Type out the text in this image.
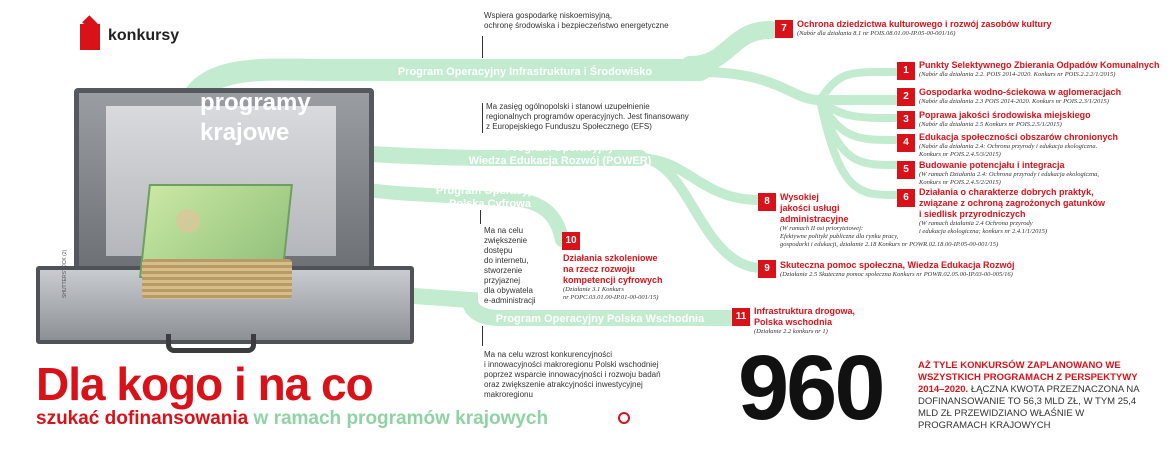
konkursy
programy
krajowe
SHUTTERSTOCK (2)
Wspiera gospodarkę niskoemisyjną,
ochronę środowiska i bezpieczeństwo energetyczne
Program Operacyjny Infrastruktura i Środowisko
Ma zasięg ogólnopolski i stanowi uzupełnienie
regionalnych programów operacyjnych. Jest finansowany
z Europejskiego Funduszu Społecznego (EFS)
Program Operacyjny
Wiedza Edukacja Rozwój (POWER)
Program Operacyjny
Polska Cyfrowa
Ma na celu
zwiększenie
dostępu
do internetu,
stworzenie
przyjaznej
dla obywatela
e-administracji
Program Operacyjny Polska Wschodnia
Ma na celu wzrost konkurencyjności
i innowacyjności makroregionu Polski wschodniej
poprzez wsparcie innowacyjności i rozwoju badań
oraz zwiększenie atrakcyjności inwestycyjnej
makroregionu
7	Ochrona dziedzictwa kulturowego i rozwój zasobów kultury
(Nabór dla działania 8.1 nr POIS.08.01.00-IP.05-00-001/16)
1	Punkty Selektywnego Zbierania Odpadów Komunalnych
(Nabór dla działania 2.2. POIS 2014-2020. Konkurs nr POIS.2.2.2/1/2015)
2	Gospodarka wodno-ściekowa w aglomeracjach
(Nabór dla działania 2.3 POIS 2014-2020. Konkurs nr POIS.2.3/1/2015)
3	Poprawa jakości środowiska miejskiego
(Nabór dla działania 2.5 Konkurs nr POIS.2.5/1/2015)
4	Edukacja społeczności obszarów chronionych
(Nabór dla działania 2.4: Ochrona przyrody i edukacja ekologiczna.
Konkurs nr POIS.2.4.5/3/2015)
5	Budowanie potencjału i integracja
(W ramach Działania 2.4: Ochrona przyrody i edukacja ekologiczna,
Konkurs nr POIS.2.4.5/2/2015)
6	Działania o charakterze dobrych praktyk,
związane z ochroną zagrożonych gatunków
i siedlisk przyrodniczych
(W ramach działania 2.4 Ochrona przyrody
i edukacja ekologiczna; konkurs nr 2.4.1/1/2015)
8	Wysokiej
jakości usługi
administracyjne
(W ramach II osi priorytetowej:
Efektywne polityki publiczne dla rynku pracy,
gospodarki i edukacji, działanie 2.18 Konkurs nr POWR.02.18.00-IP.05-00-001/15)
9	Skuteczna pomoc społeczna, Wiedza Edukacja Rozwój
(Działanie 2.5 Skuteczna pomoc społeczna Konkurs nr POWR.02.05.00-IP.03-00-005/16)
10
Działania szkoleniowe
na rzecz rozwoju
kompetencji cyfrowych
(Działanie 3.1 Konkurs
nr POPC.03.01.00-IP.01-00-001/15)
11 Infrastruktura drogowa,
Polska wschodnia
(Działanie 2.2 konkurs nr 1)
Dla kogo i na co
szukać dofinansowania w ramach programów krajowych 960	AŻ TYLE KONKURSÓW ZAPLANOWANO WE WSZYSTKICH PROGRAMACH Z PERSPEKTYWY 2014–2020. ŁĄCZNA KWOTA PRZEZNACZONA NA DOFINANSOWANIE TO 56,3 MLD ZŁ, W TYM 25,4 MLD ZŁ PRZEWIDZIANO WŁAŚNIE W PROGRAMACH KRAJOWYCH
